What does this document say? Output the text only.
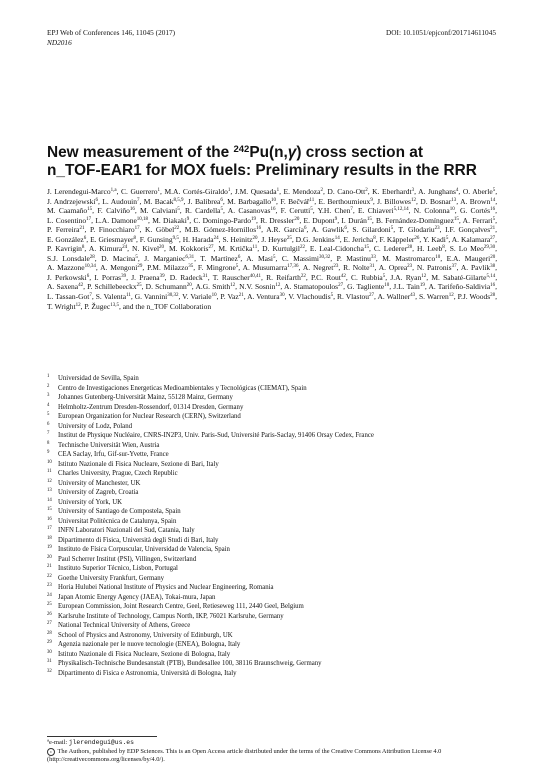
EPJ Web of Conferences 146, 11045 (2017)	DOI: 10.1051/epjconf/201714611045
ND2016
New measurement of the $^{242}$Pu(n,γ) cross section at
n_TOF-EAR1 for MOX fuels: Preliminary results in the RRR

J. Lerendegui-Marco$^{1,a}$, C. Guerrero$^1$, M.A. Cortés-Giraldo$^1$, J.M. Quesada$^1$, E. Mendoza$^2$, D. Cano-Ott$^2$, K. Eberhardt$^3$, A. Junghans$^4$, O. Aberle$^5$, J. Andrzejewski$^6$, L. Audouin$^7$, M. Bacak$^{8,5,9}$, J. Balibrea$^6$, M. Barbagallo$^{10}$, F. Bečvář$^{11}$, E. Berthoumieux$^9$, J. Billowes$^{12}$, D. Bosnar$^{13}$, A. Brown$^{14}$, M. Caamaño$^{15}$, F. Calviño$^{16}$, M. Calviani$^5$, R. Cardella$^5$, A. Casanovas$^{16}$, F. Cerutti$^5$, Y.H. Chen$^7$, E. Chiaveri$^{5,12,14}$, N. Colonna$^{10}$, G. Cortés$^{16}$, L. Cosentino$^{17}$, L.A. Damone$^{10,18}$, M. Diakaki$^9$, C. Domingo-Pardo$^{19}$, R. Dressler$^{20}$, E. Dupont$^9$, I. Durán$^{15}$, B. Fernández-Domínguez$^{15}$, A. Ferrari$^5$, P. Ferreira$^{21}$, P. Finocchiaro$^{17}$, K. Göbel$^{22}$, M.B. Gómez-Hornillos$^{16}$, A.R. García$^6$, A. Gawlik$^6$, S. Gilardoni$^5$, T. Glodariu$^{23}$, I.F. Gonçalves$^{21}$, E. González$^6$, E. Griesmayer$^8$, F. Gunsing$^{9,5}$, H. Harada$^{24}$, S. Heinitz$^{20}$, J. Heyse$^{25}$, D.G. Jenkins$^{14}$, E. Jericha$^8$, F. Käppeler$^{26}$, Y. Kadi$^5$, A. Kalamara$^{27}$, P. Kavrigin$^8$, A. Kimura$^{24}$, N. Kivel$^{20}$, M. Kokkoris$^{27}$, M. Krtička$^{11}$, D. Kurtulgil$^{22}$, E. Leal-Cidoncha$^{15}$, C. Lederer$^{28}$, H. Leeb$^8$, S. Lo Meo$^{29,30}$, S.J. Lonsdale$^{28}$, D. Macina$^5$, J. Marganiec$^{6,31}$, T. Martínez$^6$, A. Masi$^5$, C. Massimi$^{30,32}$, P. Mastinu$^{33}$, M. Mastromarco$^{10}$, E.A. Maugeri$^{20}$, A. Mazzone$^{10,34}$, A. Mengoni$^{29}$, P.M. Milazzo$^{35}$, F. Mingrone$^5$, A. Musumarra$^{17,36}$, A. Negret$^{23}$, R. Nolte$^{31}$, A. Oprea$^{23}$, N. Patronis$^{37}$, A. Pavlik$^{38}$, J. Perkowski$^6$, I. Porras$^{39}$, J. Praena$^{39}$, D. Radeck$^{31}$, T. Rauscher$^{40,41}$, R. Reifarth$^{22}$, P.C. Rout$^{42}$, C. Rubbia$^5$, J.A. Ryan$^{12}$, M. Sabaté-Gilarte$^{5,14}$, A. Saxena$^{42}$, P. Schillebeeckx$^{25}$, D. Schumann$^{20}$, A.G. Smith$^{12}$, N.V. Sosnin$^{12}$, A. Stamatopoulos$^{27}$, G. Tagliente$^{10}$, J.L. Tain$^{19}$, A. Tarifeño-Saldivia$^{16}$, L. Tassan-Got$^7$, S. Valenta$^{11}$, G. Vannini$^{30,32}$, V. Variale$^{10}$, P. Vaz$^{21}$, A. Ventura$^{30}$, V. Vlachoudis$^5$, R. Vlastou$^{27}$, A. Wallner$^{43}$, S. Warren$^{12}$, P.J. Woods$^{28}$, T. Wright$^{12}$, P. Žugec$^{13,5}$, and the n_TOF Collaboration

1	Universidad de Sevilla, Spain
2	Centro de Investigaciones Energeticas Medioambientales y Tecnológicas (CIEMAT), Spain
3	Johannes Gutenberg-Universität Mainz, 55128 Mainz, Germany
4	Helmholtz-Zentrum Dresden-Rossendorf, 01314 Dresden, Germany
5	European Organization for Nuclear Research (CERN), Switzerland
6	University of Lodz, Poland
7	Institut de Physique Nucléaire, CNRS-IN2P3, Univ. Paris-Sud, Université Paris-Saclay, 91406 Orsay Cedex, France
8	Technische Universität Wien, Austria
9	CEA Saclay, Irfu, Gif-sur-Yvette, France
10 Istituto Nazionale di Fisica Nucleare, Sezione di Bari, Italy
11 Charles University, Prague, Czech Republic
12 University of Manchester, UK
13 University of Zagreb, Croatia
14 University of York, UK
15 University of Santiago de Compostela, Spain
16 Universitat Politècnica de Catalunya, Spain
17 INFN Laboratori Nazionali del Sud, Catania, Italy
18 Dipartimento di Fisica, Università degli Studi di Bari, Italy
19 Instituto de Física Corpuscular, Universidad de Valencia, Spain
20 Paul Scherrer Institut (PSI), Villingen, Switzerland
21 Instituto Superior Técnico, Lisbon, Portugal
22 Goethe University Frankfurt, Germany
23 Horia Hulubei National Institute of Physics and Nuclear Engineering, Romania
24 Japan Atomic Energy Agency (JAEA), Tokai-mura, Japan
25 European Commission, Joint Research Centre, Geel, Retieseweg 111, 2440 Geel, Belgium
26 Karlsruhe Institute of Technology, Campus North, IKP, 76021 Karlsruhe, Germany
27 National Technical University of Athens, Greece
28 School of Physics and Astronomy, University of Edinburgh, UK
29 Agenzia nazionale per le nuove tecnologie (ENEA), Bologna, Italy
30 Istituto Nazionale di Fisica Nucleare, Sezione di Bologna, Italy
31 Physikalisch-Technische Bundesanstalt (PTB), Bundesallee 100, 38116 Braunschweig, Germany
32 Dipartimento di Fisica e Astronomia, Università di Bologna, Italy
$^a$e-mail: jlerendegui@us.es
c The Authors, published by EDP Sciences. This is an Open Access article distributed under the terms of the Creative Commons Attribution License 4.0
(http://creativecommons.org/licenses/by/4.0/).
